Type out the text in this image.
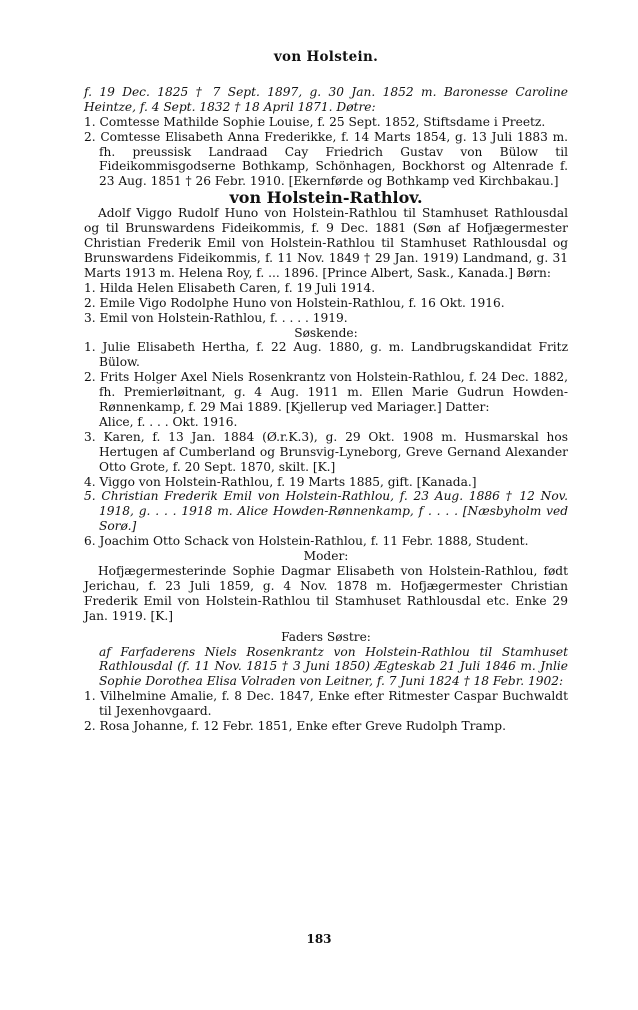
von Holstein.

f. 19 Dec. 1825 † 7 Sept. 1897, g. 30 Jan. 1852 m. Baronesse Caroline Heintze, f. 4 Sept. 1832 † 18 April 1871. Døtre:

1. Comtesse Mathilde Sophie Louise, f. 25 Sept. 1852, Stiftsdame i Preetz.

2. Comtesse Elisabeth Anna Frederikke, f. 14 Marts 1854, g. 13 Juli 1883 m. fh. preussisk Landraad Cay Friedrich Gustav von Bülow til Fideikommisgodserne Bothkamp, Schönhagen, Bockhorst og Altenrade f. 23 Aug. 1851 † 26 Febr. 1910. [Ekernførde og Bothkamp ved Kirchbakau.]

von Holstein-Rathlov.

Adolf Viggo Rudolf Huno von Holstein-Rathlou til Stamhuset Rathlousdal og til Brunswardens Fideikommis, f. 9 Dec. 1881 (Søn af Hofjægermester Christian Frederik Emil von Holstein-Rathlou til Stamhuset Rathlousdal og Brunswardens Fideikommis, f. 11 Nov. 1849 † 29 Jan. 1919) Landmand, g. 31 Marts 1913 m. Helena Roy, f. ... 1896. [Prince Albert, Sask., Kanada.] Børn:

1. Hilda Helen Elisabeth Caren, f. 19 Juli 1914.

2. Emile Vigo Rodolphe Huno von Holstein-Rathlou, f. 16 Okt. 1916.

3. Emil von Holstein-Rathlou, f. . . . . 1919.

Søskende:

1. Julie Elisabeth Hertha, f. 22 Aug. 1880, g. m. Landbrugskandidat Fritz Bülow.

2. Frits Holger Axel Niels Rosenkrantz von Holstein-Rathlou, f. 24 Dec. 1882, fh. Premierløitnant, g. 4 Aug. 1911 m. Ellen Marie Gudrun Howden-Rønnenkamp, f. 29 Mai 1889. [Kjellerup ved Mariager.] Datter:

Alice, f. . . . Okt. 1916.

3. Karen, f. 13 Jan. 1884 (Ø.r.K.3), g. 29 Okt. 1908 m. Husmarskal hos Hertugen af Cumberland og Brunsvig-Lyneborg, Greve Gernand Alexander Otto Grote, f. 20 Sept. 1870, skilt. [K.]

4. Viggo von Holstein-Rathlou, f. 19 Marts 1885, gift. [Kanada.]

5. Christian Frederik Emil von Holstein-Rathlou, f. 23 Aug. 1886 † 12 Nov. 1918, g. . . . 1918 m. Alice Howden-Rønnenkamp, f . . . . [Næsbyholm ved Sorø.]

6. Joachim Otto Schack von Holstein-Rathlou, f. 11 Febr. 1888, Student.

Moder:

Hofjægermesterinde Sophie Dagmar Elisabeth von Holstein-Rathlou, født Jerichau, f. 23 Juli 1859, g. 4 Nov. 1878 m. Hofjægermester Christian Frederik Emil von Holstein-Rathlou til Stamhuset Rathlousdal etc. Enke 29 Jan. 1919. [K.]

Faders Søstre:

af Farfaderens Niels Rosenkrantz von Holstein-Rathlou til Stamhuset Rathlousdal (f. 11 Nov. 1815 † 3 Juni 1850) Ægteskab 21 Juli 1846 m. Jnlie Sophie Dorothea Elisa Volraden von Leitner, f. 7 Juni 1824 † 18 Febr. 1902:

1. Vilhelmine Amalie, f. 8 Dec. 1847, Enke efter Ritmester Caspar Buchwaldt til Jexenhovgaard.

2. Rosa Johanne, f. 12 Febr. 1851, Enke efter Greve Rudolph Tramp.

183
